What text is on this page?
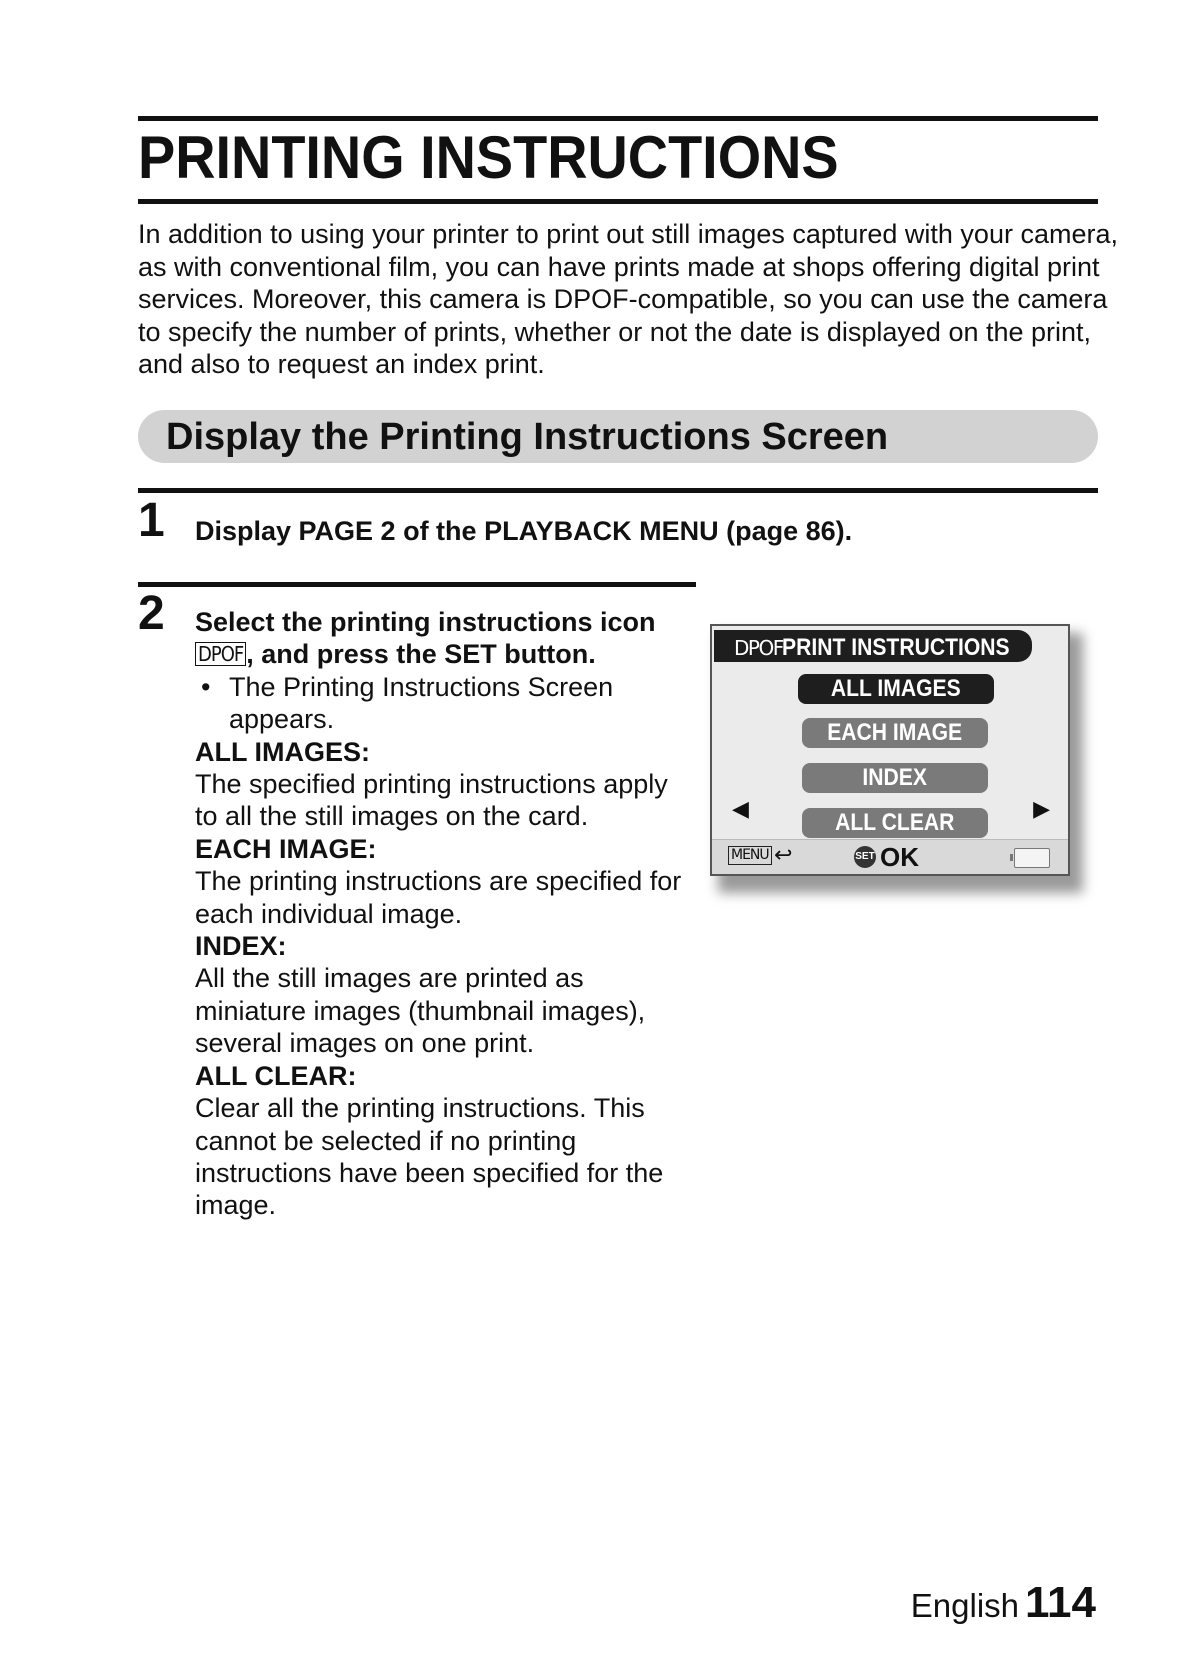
PRINTING INSTRUCTIONS

In addition to using your printer to print out still images captured with your camera, as with conventional film, you can have prints made at shops offering digital print services. Moreover, this camera is DPOF-compatible, so you can use the camera to specify the number of prints, whether or not the date is displayed on the print, and also to request an index print.

Display the Printing Instructions Screen
1 Display PAGE 2 of the PLAYBACK MENU (page 86).
2 Select the printing instructions icon
DPOF , and press the SET button.

• The Printing Instructions Screen appears.

ALL IMAGES:

The specified printing instructions apply to all the still images on the card.

EACH IMAGE:

The printing instructions are specified for each individual image.

INDEX:

All the still images are printed as miniature images (thumbnail images), several images on one print.

ALL CLEAR:

Clear all the printing instructions. This cannot be selected if no printing instructions have been specified for the image.

DPOF PRINT INSTRUCTIONS
ALL IMAGES
EACH IMAGE
INDEX
ALL CLEAR
◀	▶
MENU ↩	SET OK
English 114
